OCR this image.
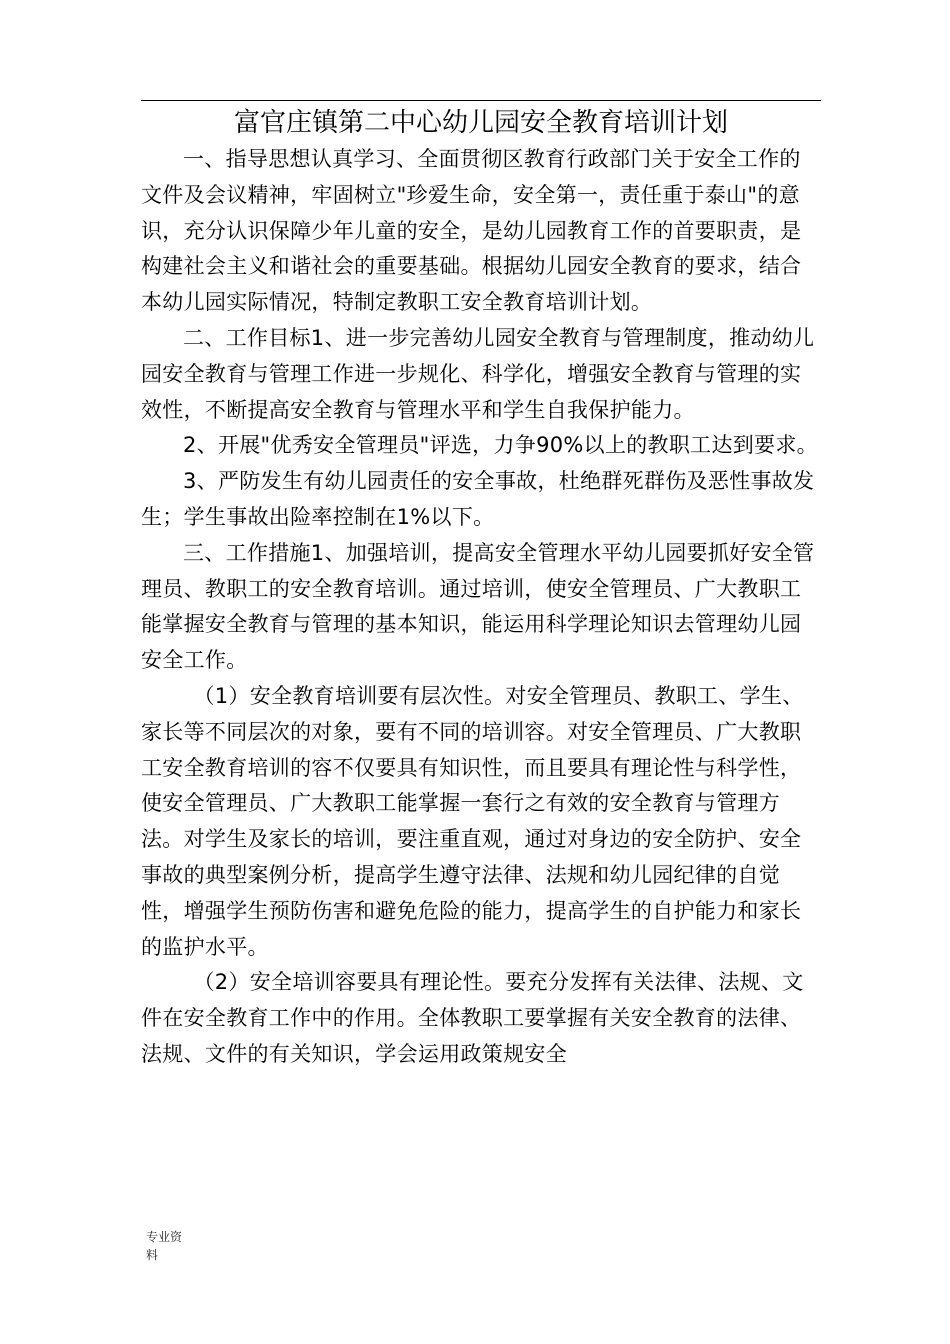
富官庄镇第二中心幼儿园安全教育培训计划

一、指导思想认真学习、全面贯彻区教育行政部门关于安全工作的文件及会议精神，牢固树立"珍爱生命，安全第一，责任重于泰山"的意识，充分认识保障少年儿童的安全，是幼儿园教育工作的首要职责，是构建社会主义和谐社会的重要基础。根据幼儿园安全教育的要求，结合本幼儿园实际情况，特制定教职工安全教育培训计划。

二、工作目标1、进一步完善幼儿园安全教育与管理制度，推动幼儿园安全教育与管理工作进一步规化、科学化，增强安全教育与管理的实效性，不断提高安全教育与管理水平和学生自我保护能力。

2、开展"优秀安全管理员"评选，力争90%以上的教职工达到要求。

3、严防发生有幼儿园责任的安全事故，杜绝群死群伤及恶性事故发生；学生事故出险率控制在1%以下。

三、工作措施1、加强培训，提高安全管理水平幼儿园要抓好安全管理员、教职工的安全教育培训。通过培训，使安全管理员、广大教职工能掌握安全教育与管理的基本知识，能运用科学理论知识去管理幼儿园安全工作。

（1）安全教育培训要有层次性。对安全管理员、教职工、学生、家长等不同层次的对象，要有不同的培训容。对安全管理员、广大教职工安全教育培训的容不仅要具有知识性，而且要具有理论性与科学性，使安全管理员、广大教职工能掌握一套行之有效的安全教育与管理方法。对学生及家长的培训，要注重直观，通过对身边的安全防护、安全事故的典型案例分析，提高学生遵守法律、法规和幼儿园纪律的自觉性，增强学生预防伤害和避免危险的能力，提高学生的自护能力和家长的监护水平。

（2）安全培训容要具有理论性。要充分发挥有关法律、法规、文件在安全教育工作中的作用。全体教职工要掌握有关安全教育的法律、法规、文件的有关知识，学会运用政策规安全

专业资
料
